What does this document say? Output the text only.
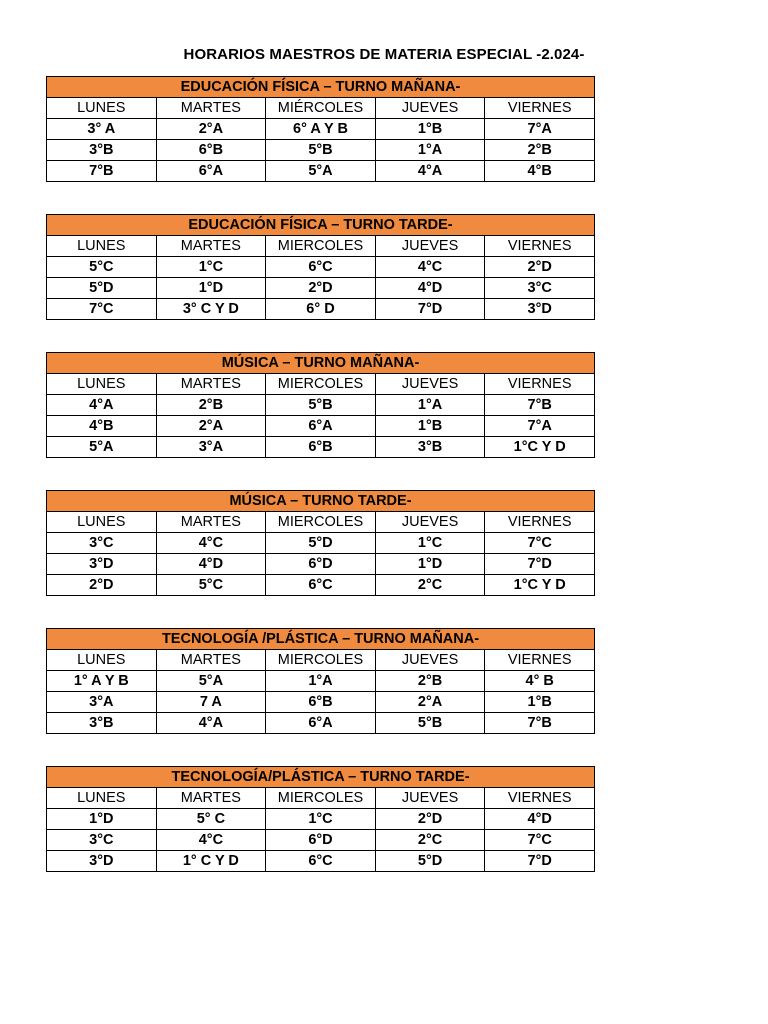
HORARIOS MAESTROS DE MATERIA ESPECIAL -2.024-
EDUCACIÓN FÍSICA – TURNO MAÑANA-				
LUNES	MARTES	MIÉRCOLES	JUEVES	VIERNES
3° A	2°A	6° A Y B	1°B	7°A
3°B	6°B	5°B	1°A	2°B
7°B	6°A	5°A	4°A	4°B
EDUCACIÓN FÍSICA – TURNO TARDE-				
LUNES	MARTES	MIERCOLES	JUEVES	VIERNES
5°C	1°C	6°C	4°C	2°D
5°D	1°D	2°D	4°D	3°C
7°C	3° C Y D	6° D	7°D	3°D
MÚSICA – TURNO MAÑANA-				
LUNES	MARTES	MIERCOLES	JUEVES	VIERNES
4°A	2°B	5°B	1°A	7°B
4°B	2°A	6°A	1°B	7°A
5°A	3°A	6°B	3°B	1°C Y D
MÚSICA – TURNO TARDE-				
LUNES	MARTES	MIERCOLES	JUEVES	VIERNES
3°C	4°C	5°D	1°C	7°C
3°D	4°D	6°D	1°D	7°D
2°D	5°C	6°C	2°C	1°C Y D
TECNOLOGÍA /PLÁSTICA – TURNO MAÑANA-				
LUNES	MARTES	MIERCOLES	JUEVES	VIERNES
1° A Y B	5°A	1°A	2°B	4° B
3°A	7 A	6°B	2°A	1°B
3°B	4°A	6°A	5°B	7°B
TECNOLOGÍA/PLÁSTICA – TURNO TARDE-				
LUNES	MARTES	MIERCOLES	JUEVES	VIERNES
1°D	5° C	1°C	2°D	4°D
3°C	4°C	6°D	2°C	7°C
3°D	1° C Y D	6°C	5°D	7°D
